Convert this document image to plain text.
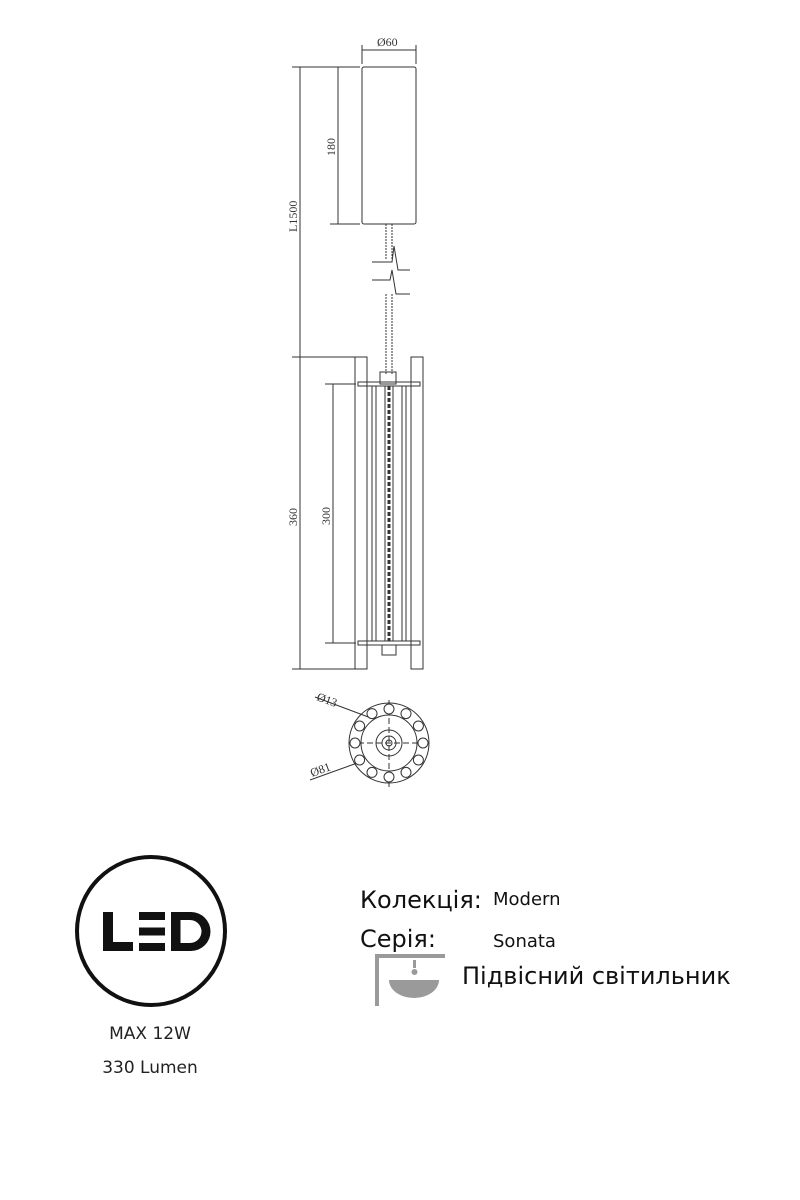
Ø60
180
L1500
360 300
Ø13
Ø81
MAX 12W
330 Lumen
Колекція: Modern
Серія:	Sonata
Підвісний світильник
